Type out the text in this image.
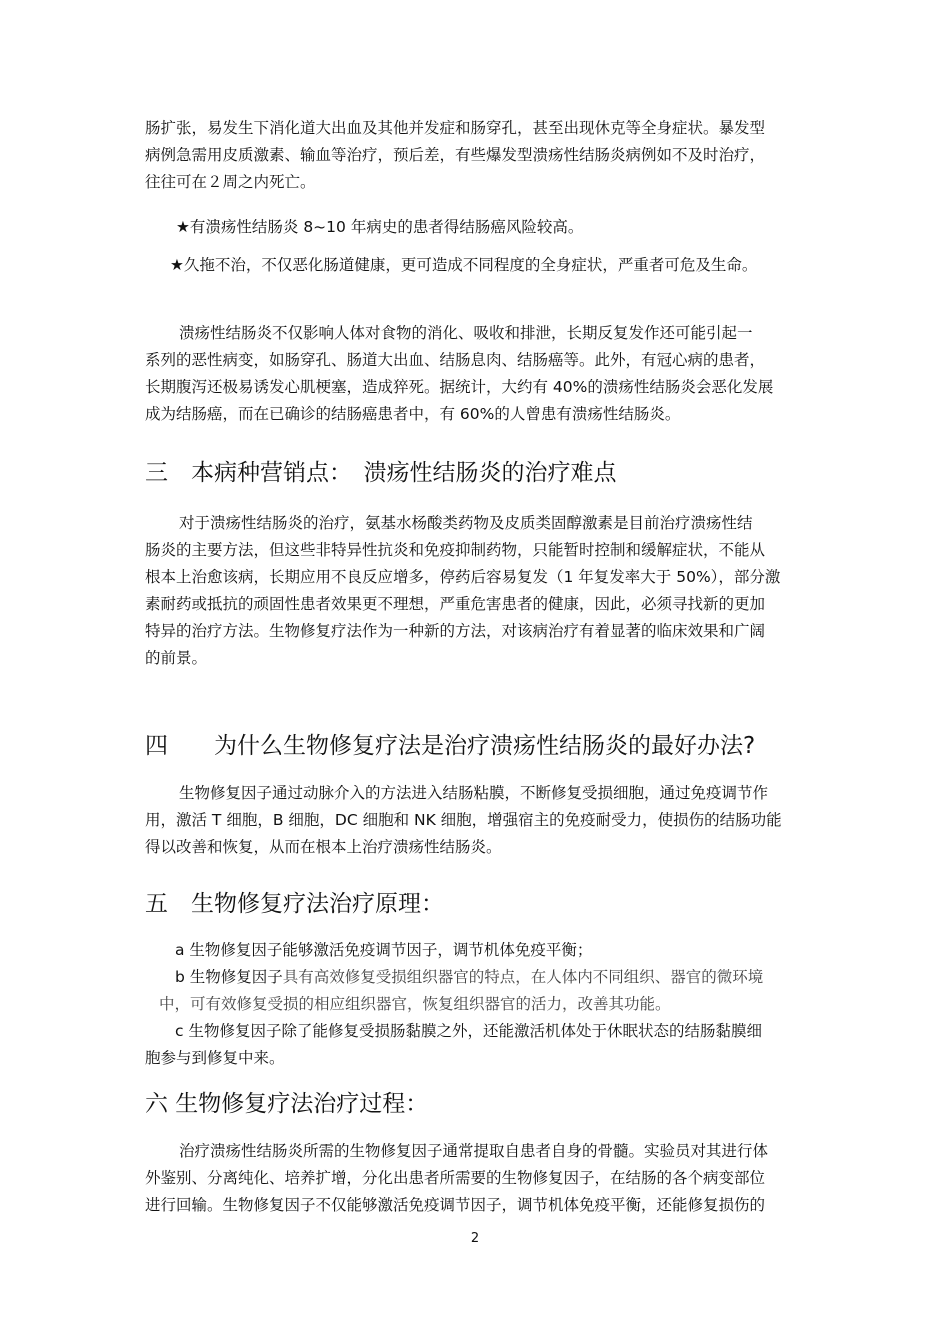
肠扩张，易发生下消化道大出血及其他并发症和肠穿孔，甚至出现休克等全身症状。暴发型
病例急需用皮质激素、输血等治疗，预后差，有些爆发型溃疡性结肠炎病例如不及时治疗，
往往可在２周之内死亡。

★有溃疡性结肠炎 8~10 年病史的患者得结肠癌风险较高。

★久拖不治，不仅恶化肠道健康，更可造成不同程度的全身症状，严重者可危及生命。

溃疡性结肠炎不仅影响人体对食物的消化、吸收和排泄，长期反复发作还可能引起一
系列的恶性病变，如肠穿孔、肠道大出血、结肠息肉、结肠癌等。此外，有冠心病的患者，
长期腹泻还极易诱发心肌梗塞，造成猝死。据统计，大约有 40%的溃疡性结肠炎会恶化发展
成为结肠癌，而在已确诊的结肠癌患者中，有 60%的人曾患有溃疡性结肠炎。
三　本病种营销点：　溃疡性结肠炎的治疗难点
对于溃疡性结肠炎的治疗，氨基水杨酸类药物及皮质类固醇激素是目前治疗溃疡性结
肠炎的主要方法，但这些非特异性抗炎和免疫抑制药物，只能暂时控制和缓解症状，不能从
根本上治愈该病，长期应用不良反应增多，停药后容易复发（1 年复发率大于 50%），部分激
素耐药或抵抗的顽固性患者效果更不理想，严重危害患者的健康，因此，必须寻找新的更加
特异的治疗方法。生物修复疗法作为一种新的方法，对该病治疗有着显著的临床效果和广阔
的前景。
四　　为什么生物修复疗法是治疗溃疡性结肠炎的最好办法?
生物修复因子通过动脉介入的方法进入结肠粘膜，不断修复受损细胞，通过免疫调节作
用，激活 T 细胞，B 细胞，DC 细胞和 NK 细胞，增强宿主的免疫耐受力，使损伤的结肠功能
得以改善和恢复，从而在根本上治疗溃疡性结肠炎。
五　生物修复疗法治疗原理：
a 生物修复因子能够激活免疫调节因子，调节机体免疫平衡；
b 生物修复因子具有高效修复受损组织器官的特点，在人体内不同组织、器官的微环境
中，可有效修复受损的相应组织器官，恢复组织器官的活力，改善其功能。
c 生物修复因子除了能修复受损肠黏膜之外，还能激活机体处于休眠状态的结肠黏膜细
胞参与到修复中来。
六 生物修复疗法治疗过程：
治疗溃疡性结肠炎所需的生物修复因子通常提取自患者自身的骨髓。实验员对其进行体
外鉴别、分离纯化、培养扩增，分化出患者所需要的生物修复因子，在结肠的各个病变部位
进行回输。生物修复因子不仅能够激活免疫调节因子，调节机体免疫平衡，还能修复损伤的
2
